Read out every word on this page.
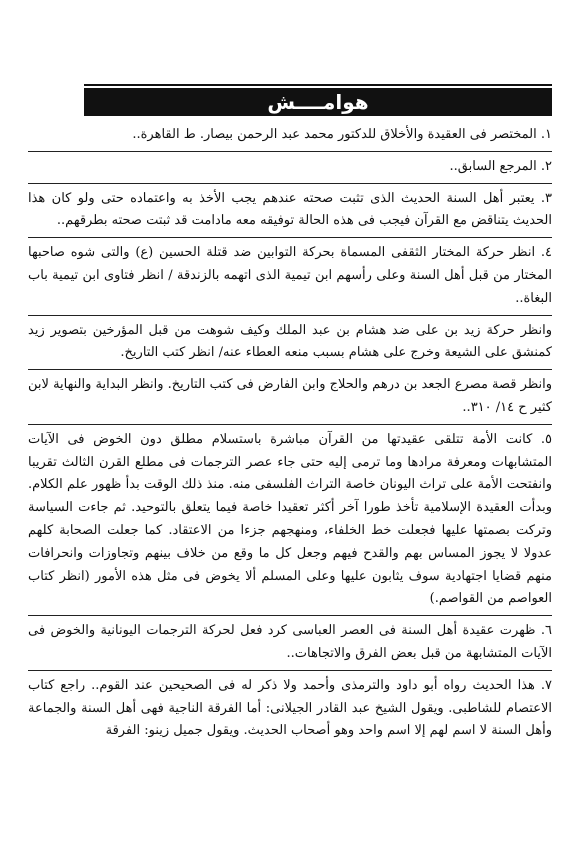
هوامــــش
١. المختصر فى العقيدة والأخلاق للدكتور محمد عبد الرحمن بيصار. ط القاهرة..
٢. المرجع السابق..
٣. يعتبر أهل السنة الحديث الذى تثبت صحته عندهم يجب الأخذ به واعتماده حتى ولو كان هذا الحديث يتناقض مع القرآن فيجب فى هذه الحالة توفيقه معه مادامت قد ثبتت صحته بطرقهم..
٤. انظر حركة المختار الثقفى المسماة بحركة التوابين ضد قتلة الحسين (ع) والتى شوه صاحبها المختار من قبل أهل السنة وعلى رأسهم ابن تيمية الذى اتهمه بالزندقة / انظر فتاوى ابن تيمية باب البغاة..
وانظر حركة زيد بن على ضد هشام بن عبد الملك وكيف شوهت من قبل المؤرخين بتصوير زيد كمنشق على الشيعة وخرج على هشام بسبب منعه العطاء عنه/ انظر كتب التاريخ.
وانظر قصة مصرع الجعد بن درهم والحلاج وابن الفارض فى كتب التاريخ. وانظر البداية والنهاية لابن كثير ح ١٤/ ٣١٠..
٥. كانت الأمة تتلقى عقيدتها من القرآن مباشرة باستسلام مطلق دون الخوض فى الآيات المتشابهات ومعرفة مرادها وما ترمى إليه حتى جاء عصر الترجمات فى مطلع القرن الثالث تقريبا وانفتحت الأمة على تراث اليونان خاصة التراث الفلسفى منه. منذ ذلك الوقت بدأ ظهور علم الكلام. وبدأت العقيدة الإسلامية تأخذ طورا آخر أكثر تعقيدا خاصة فيما يتعلق بالتوحيد. ثم جاءت السياسة وتركت بصمتها عليها فجعلت خط الخلفاء، ومنهجهم جزءا من الاعتقاد. كما جعلت الصحابة كلهم عدولا لا يجوز المساس بهم والقدح فيهم وجعل كل ما وقع من خلاف بينهم وتجاوزات وانحرافات منهم قضايا اجتهادية سوف يثابون عليها وعلى المسلم ألا يخوض فى مثل هذه الأمور (انظر كتاب العواصم من القواصم.)
٦. ظهرت عقيدة أهل السنة فى العصر العباسى كرد فعل لحركة الترجمات اليونانية والخوض فى الآيات المتشابهة من قبل بعض الفرق والاتجاهات..
٧. هذا الحديث رواه أبو داود والترمذى وأحمد ولا ذكر له فى الصحيحين عند القوم.. راجع كتاب الاعتصام للشاطبى. ويقول الشيخ عبد القادر الجيلانى: أما الفرقة الناجية فهى أهل السنة والجماعة وأهل السنة لا اسم لهم إلا اسم واحد وهو أصحاب الحديث. ويقول جميل زينو: الفرقة
